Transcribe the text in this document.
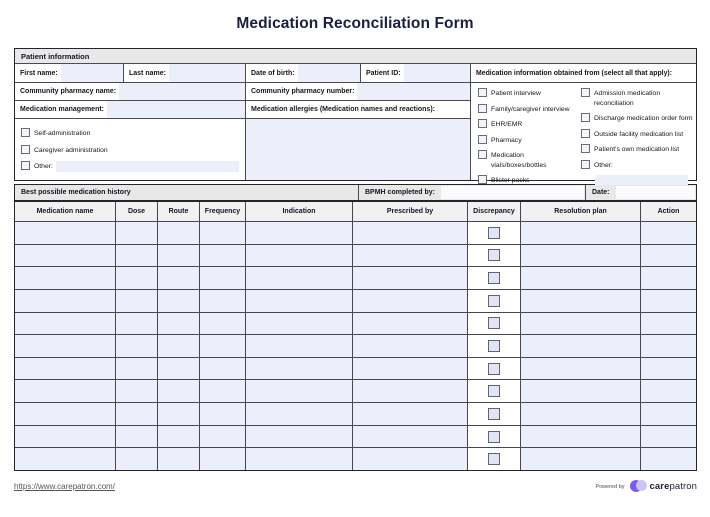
Medication Reconciliation Form
Patient information
First name:	Last name:	Date of birth:	Patient ID:	Medication information obtained from (select all that apply):
Community pharmacy name:	Community pharmacy number:
Medication management:	Medication allergies (Medication names and reactions):
Self-administration
Caregiver administration
Other:
Patient interview
Family/caregiver interview
EHR/EMR
Pharmacy
Medication vials/boxes/bottles
Blister packs
Admission medication reconciliation
Discharge medication order form
Outside facility medication list
Patient's own medication list
Other:
Best possible medication history	BPMH completed by:	Date:
Medication name	Dose	Route	Frequency	Indication	Prescribed by	Discrepancy	Resolution plan	Action
https://www.carepatron.com/	Powered by	carepatron
